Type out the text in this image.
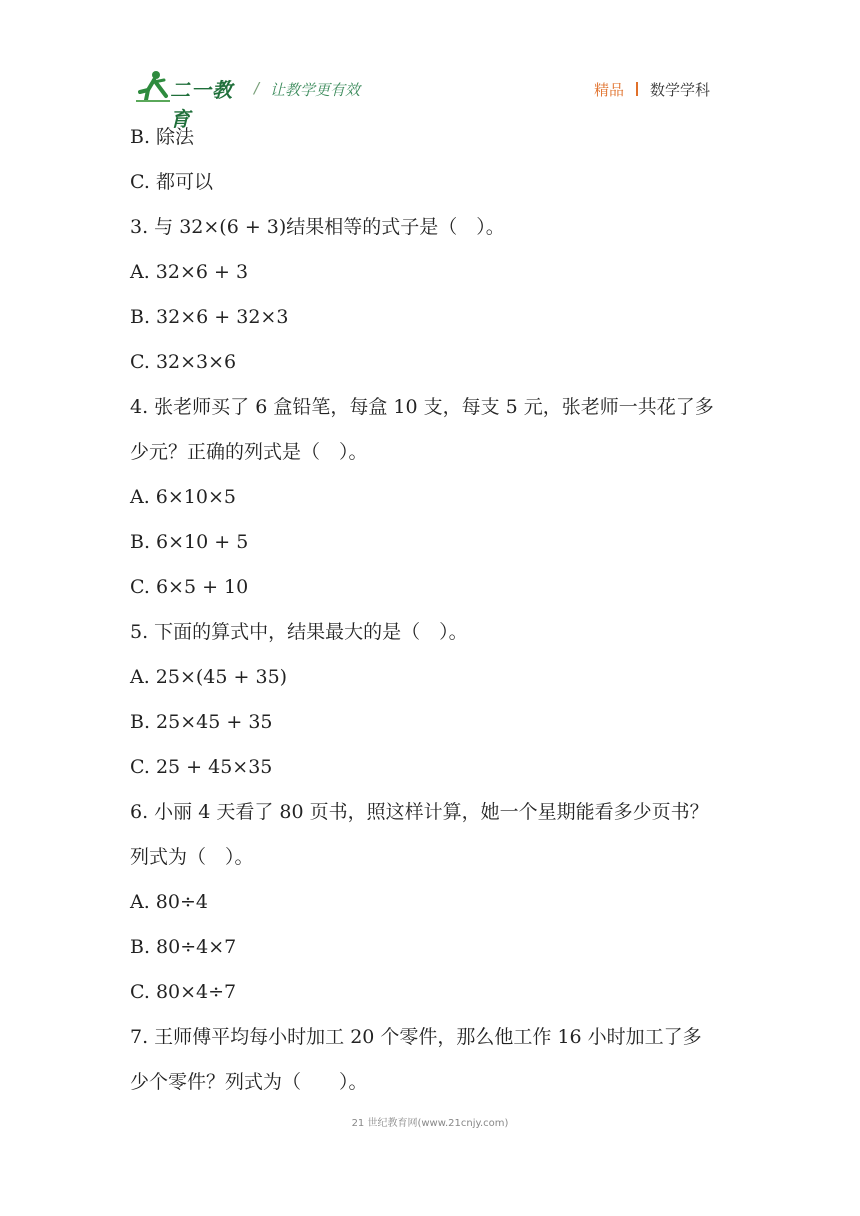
二一教育
/ 让教学更有效	精品 数学学科
B. 除法
C. 都可以
3. 与 32×(6 + 3)结果相等的式子是（　）。
A. 32×6 + 3
B. 32×6 + 32×3
C. 32×3×6
4. 张老师买了 6 盒铅笔，每盒 10 支，每支 5 元，张老师一共花了多
少元？正确的列式是（　）。
A. 6×10×5
B. 6×10 + 5
C. 6×5 + 10
5. 下面的算式中，结果最大的是（　）。
A. 25×(45 + 35)
B. 25×45 + 35
C. 25 + 45×35
6. 小丽 4 天看了 80 页书，照这样计算，她一个星期能看多少页书？
列式为（　）。
A. 80÷4
B. 80÷4×7
C. 80×4÷7
7. 王师傅平均每小时加工 20 个零件，那么他工作 16 小时加工了多
少个零件？列式为（　　）。
21 世纪教育网(www.21cnjy.com)
